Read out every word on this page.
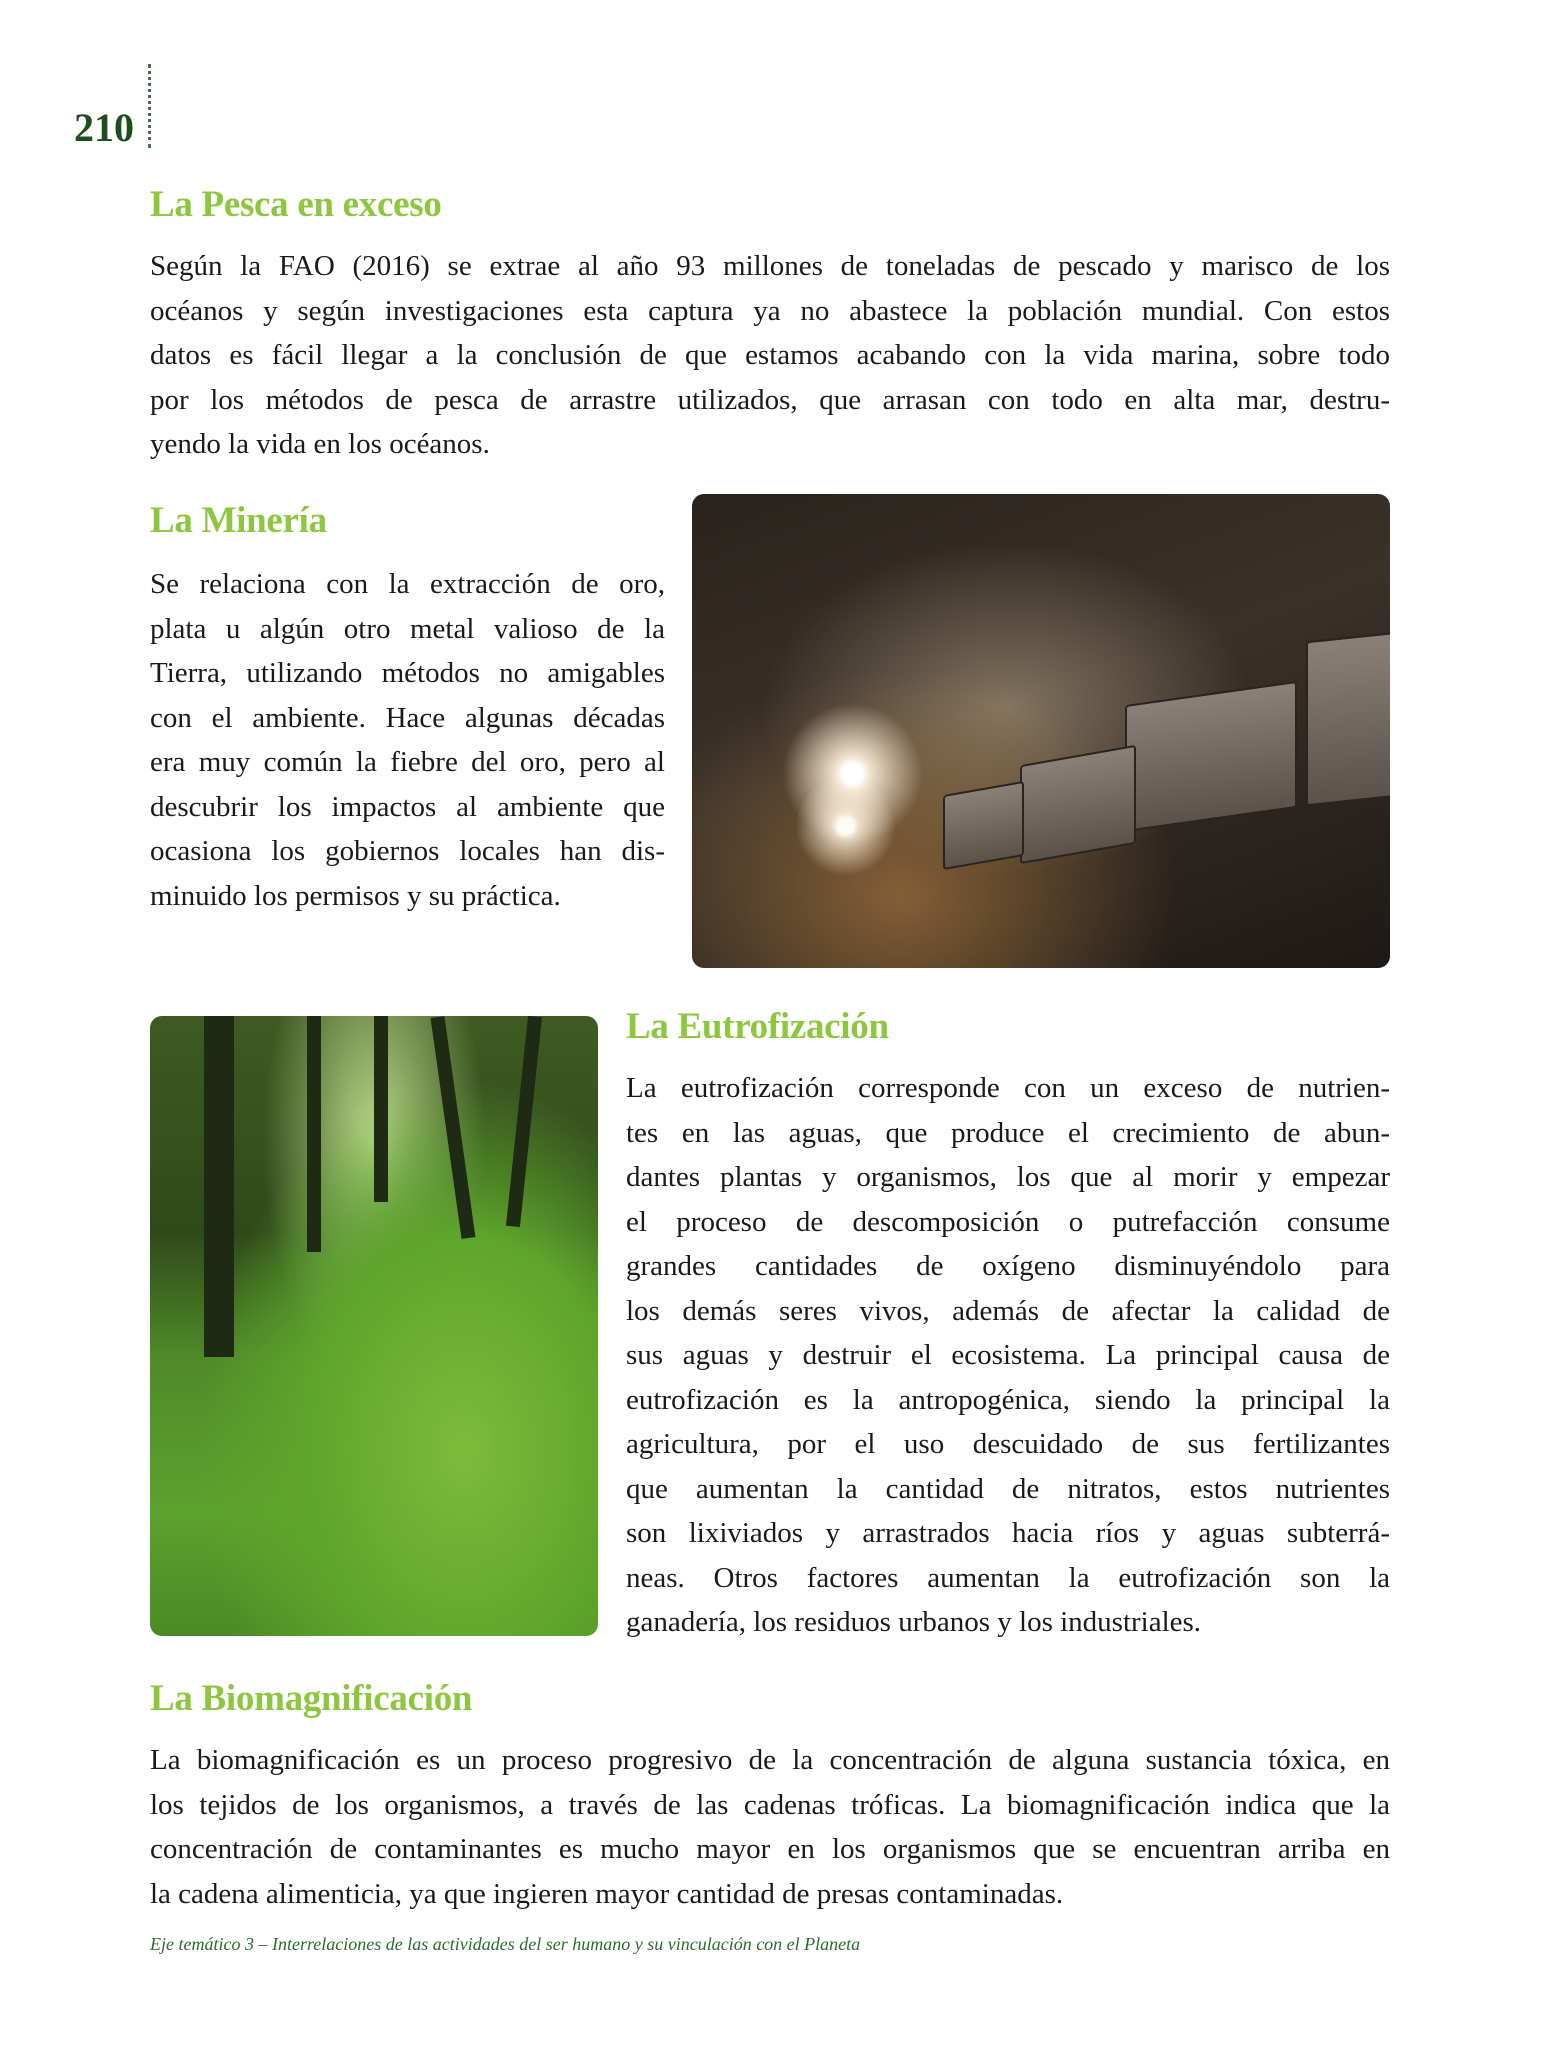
210
La Pesca en exceso
Según la FAO (2016) se extrae al año 93 millones de toneladas de pescado y marisco de los
océanos y según investigaciones esta captura ya no abastece la población mundial. Con estos
datos es fácil llegar a la conclusión de que estamos acabando con la vida marina, sobre todo
por los métodos de pesca de arrastre utilizados, que arrasan con todo en alta mar, destru-
yendo la vida en los océanos.
La Minería
Se relaciona con la extracción de oro,
plata u algún otro metal valioso de la
Tierra, utilizando métodos no amigables
con el ambiente. Hace algunas décadas
era muy común la fiebre del oro, pero al
descubrir los impactos al ambiente que
ocasiona los gobiernos locales han dis-
minuido los permisos y su práctica.
La Eutrofización
La eutrofización corresponde con un exceso de nutrien-
tes en las aguas, que produce el crecimiento de abun-
dantes plantas y organismos, los que al morir y empezar
el proceso de descomposición o putrefacción consume
grandes cantidades de oxígeno disminuyéndolo para
los demás seres vivos, además de afectar la calidad de
sus aguas y destruir el ecosistema. La principal causa de
eutrofización es la antropogénica, siendo la principal la
agricultura, por el uso descuidado de sus fertilizantes
que aumentan la cantidad de nitratos, estos nutrientes
son lixiviados y arrastrados hacia ríos y aguas subterrá-
neas. Otros factores aumentan la eutrofización son la
ganadería, los residuos urbanos y los industriales.
La Biomagnificación
La biomagnificación es un proceso progresivo de la concentración de alguna sustancia tóxica, en
los tejidos de los organismos, a través de las cadenas tróficas. La biomagnificación indica que la
concentración de contaminantes es mucho mayor en los organismos que se encuentran arriba en
la cadena alimenticia, ya que ingieren mayor cantidad de presas contaminadas.
Eje temático 3 – Interrelaciones de las actividades del ser humano y su vinculación con el Planeta
